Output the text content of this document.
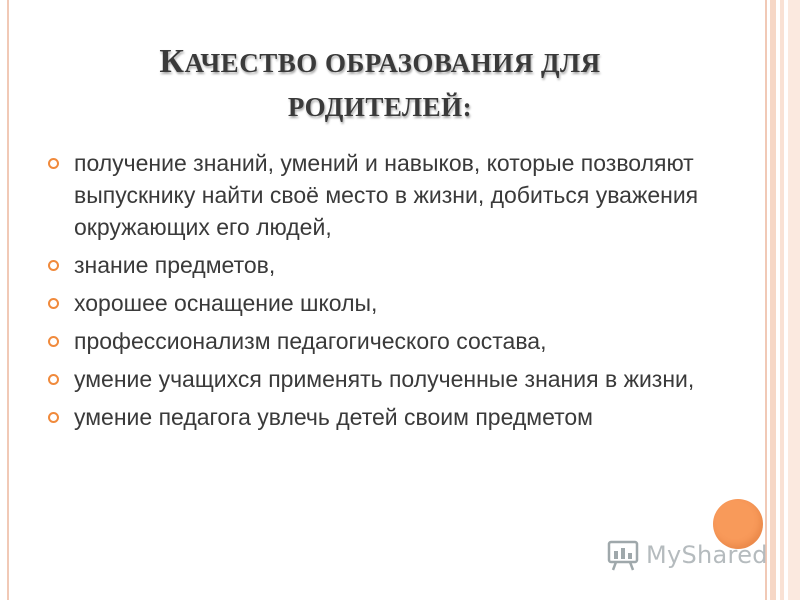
КАЧЕСТВО ОБРАЗОВАНИЯ ДЛЯ
РОДИТЕЛЕЙ:
получение знаний, умений и навыков, которые позволяют выпускнику найти своё место в жизни, добиться уважения окружающих его людей,
знание предметов,
хорошее оснащение школы,
профессионализм педагогического состава,
умение учащихся применять полученные знания в жизни,
умение педагога увлечь детей своим предметом
MyShared
